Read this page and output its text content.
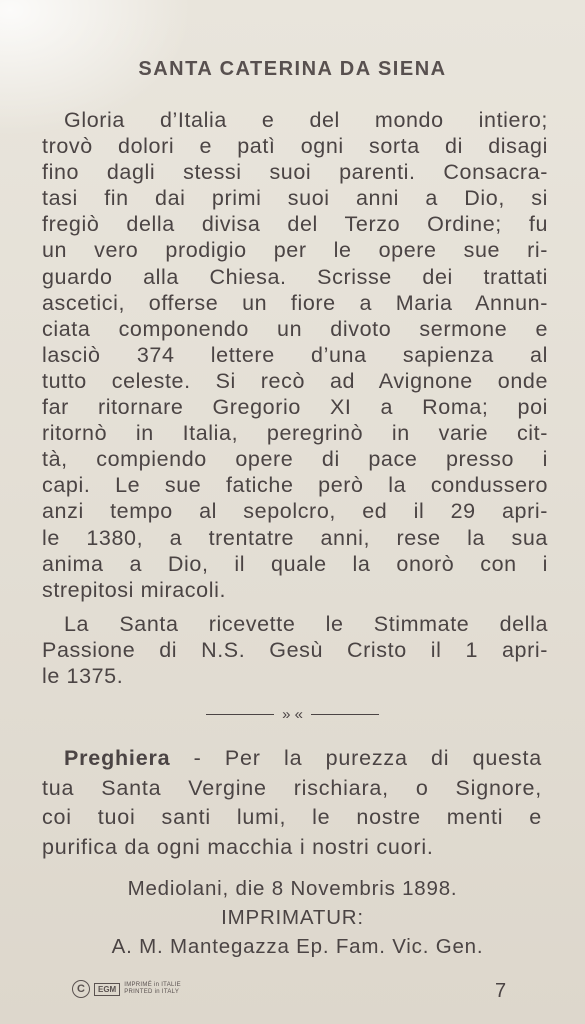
SANTA CATERINA DA SIENA
Gloria d’Italia e del mondo intiero;
trovò dolori e patì ogni sorta di disagi
fino dagli stessi suoi parenti. Consacra-
tasi fin dai primi suoi anni a Dio, si
fregiò della divisa del Terzo Ordine; fu
un vero prodigio per le opere sue ri-
guardo alla Chiesa. Scrisse dei trattati
ascetici, offerse un fiore a Maria Annun-
ciata componendo un divoto sermone e
lasciò 374 lettere d’una sapienza al
tutto celeste. Si recò ad Avignone onde
far ritornare Gregorio XI a Roma; poi
ritornò in Italia, peregrinò in varie cit-
tà, compiendo opere di pace presso i
capi. Le sue fatiche però la condussero
anzi tempo al sepolcro, ed il 29 apri-
le 1380, a trentatre anni, rese la sua
anima a Dio, il quale la onorò con i
strepitosi miracoli.
La Santa ricevette le Stimmate della
Passione di N.S. Gesù Cristo il 1 apri-
le 1375.
» «
Preghiera - Per la purezza di questa
tua Santa Vergine rischiara, o Signore,
coi tuoi santi lumi, le nostre menti e
purifica da ogni macchia i nostri cuori.
Mediolani, die 8 Novembris 1898.
IMPRIMATUR:
A. M. Mantegazza Ep. Fam. Vic. Gen.
C	EGM	IMPRIMÉ in ITALIE
PRINTED in ITALY	7
